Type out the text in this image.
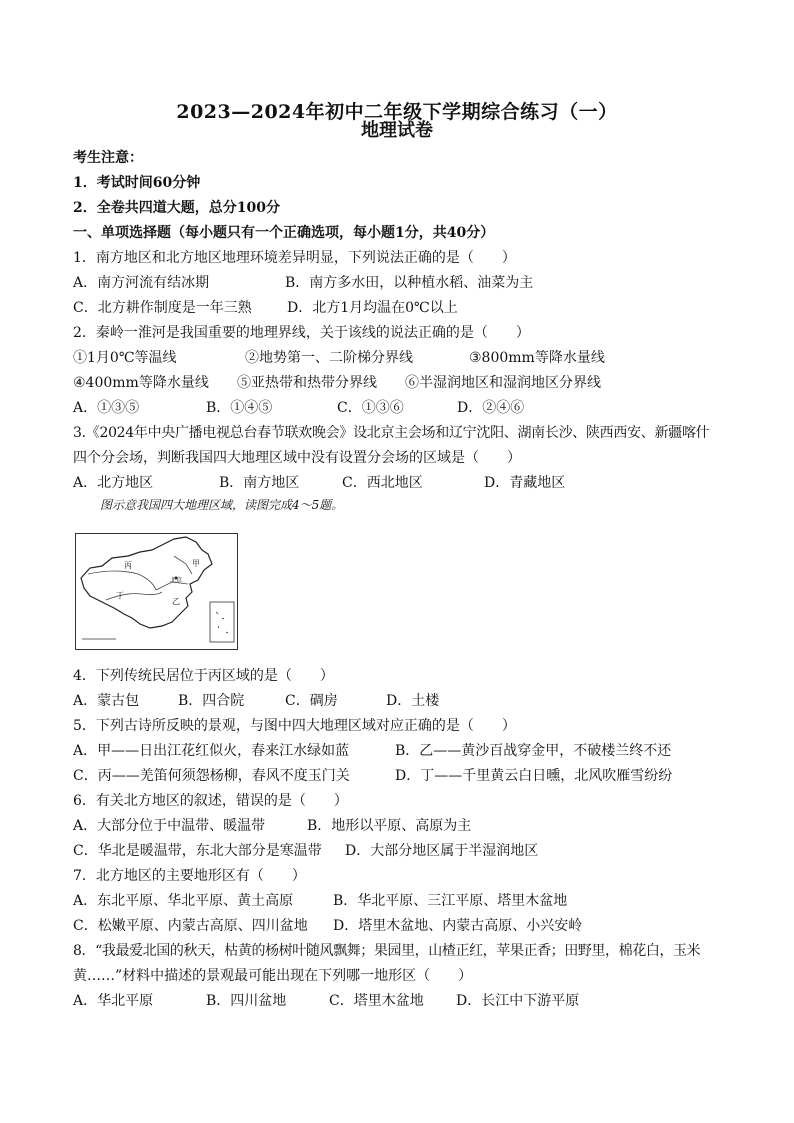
2023—2024年初中二年级下学期综合练习（一）
地理试卷
考生注意：
1．考试时间60分钟
2．全卷共四道大题，总分100分
一、单项选择题（每小题只有一个正确选项，每小题1分，共40分）
1．南方地区和北方地区地理环境差异明显，下列说法正确的是（　　）
A．南方河流有结冰期	B．南方多水田，以种植水稻、油菜为主
C．北方耕作制度是一年三熟	D．北方1月均温在0℃以上
2．秦岭一淮河是我国重要的地理界线，关于该线的说法正确的是（　　）
①1月0℃等温线	②地势第一、二阶梯分界线	③800mm等降水量线
④400mm等降水量线 ⑤亚热带和热带分界线 ⑥半湿润地区和湿润地区分界线
A．①③⑤	B．①④⑤	C．①③⑥	D．②④⑥
3.《2024年中央广播电视总台春节联欢晚会》设北京主会场和辽宁沈阳、湖南长沙、陕西西安、新疆喀什
四个分会场，判断我国四大地理区域中没有设置分会场的区域是（　　）
A．北方地区	B．南方地区	C．西北地区	D．青藏地区
图示意我国四大地理区域，读图完成4～5题。
丙	甲
北京
乙
丁
4．下列传统民居位于丙区域的是（　　）
A．蒙古包	B．四合院	C．碉房	D．土楼
5．下列古诗所反映的景观，与图中四大地理区域对应正确的是（　　）
A．甲——日出江花红似火，春来江水绿如蓝	B．乙——黄沙百战穿金甲，不破楼兰终不还
C．丙——羌笛何须怨杨柳，春风不度玉门关	D．丁——千里黄云白日曛，北风吹雁雪纷纷
6．有关北方地区的叙述，错误的是（　　）
A．大部分位于中温带、暖温带	B．地形以平原、高原为主
C．华北是暖温带，东北大部分是寒温带 D．大部分地区属于半湿润地区
7．北方地区的主要地形区有（　　）
A．东北平原、华北平原、黄土高原	B．华北平原、三江平原、塔里木盆地
C．松嫩平原、内蒙古高原、四川盆地 D．塔里木盆地、内蒙古高原、小兴安岭
8．“我最爱北国的秋天，枯黄的杨树叶随风飘舞；果园里，山楂正红，苹果正香；田野里，棉花白，玉米
黄……”材料中描述的景观最可能出现在下列哪一地形区（　　）
A．华北平原	B．四川盆地	C．塔里木盆地 D．长江中下游平原
